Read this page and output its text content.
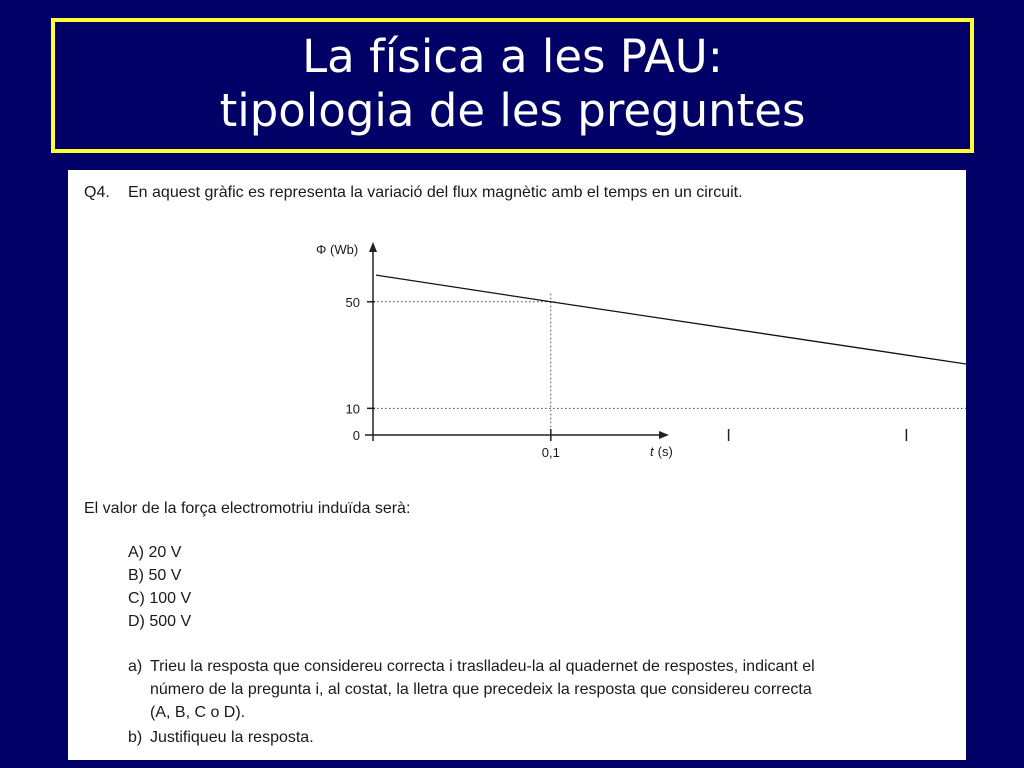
La física a les PAU:
tipologia de les preguntes
Q4. En aquest gràfic es representa la variació del flux magnètic amb el temps en un circuit.
Φ (Wb)
t (s)
50
10
0
0,1
El valor de la força electromotriu induïda serà:
A) 20 V
B) 50 V
C) 100 V
D) 500 V
a) Trieu la resposta que considereu correcta i traslladeu-la al quadernet de respostes, indicant el
número de la pregunta i, al costat, la lletra que precedeix la resposta que considereu correcta
(A, B, C o D).
b) Justifiqueu la resposta.
